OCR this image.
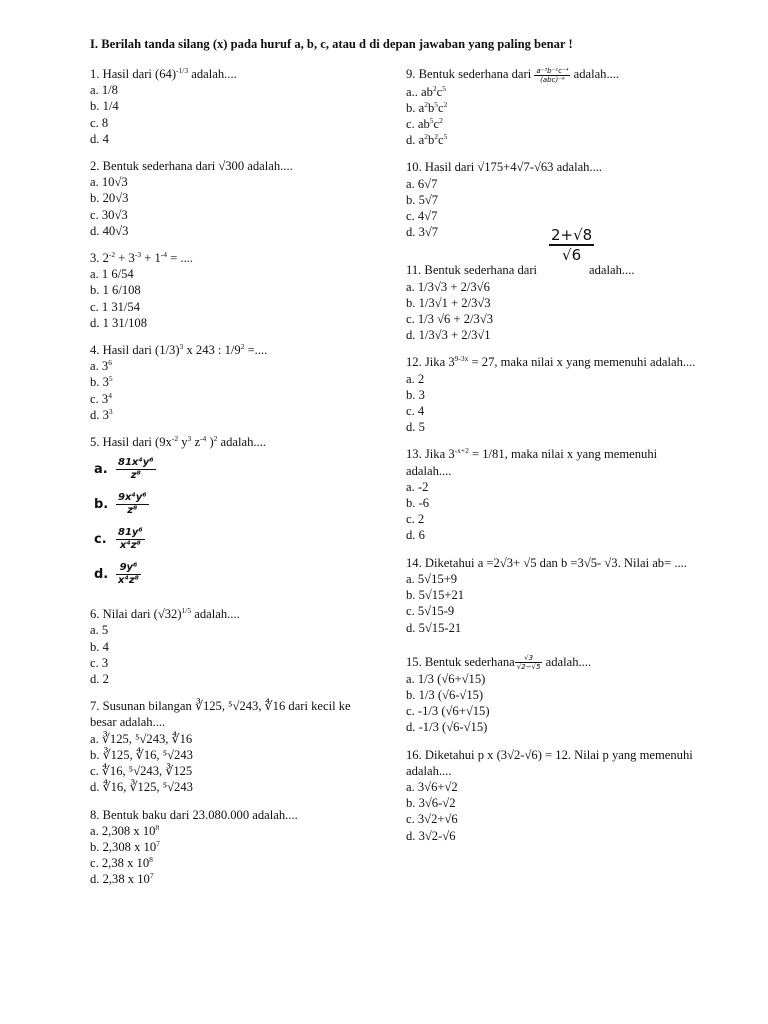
I. Berilah tanda silang (x) pada huruf a, b, c, atau d di depan jawaban yang paling benar !
1. Hasil dari $(64)^{-1/3}$ adalah....
a. 1/8
b. 1/4
c. 8
d. 4
2. Bentuk sederhana dari √300 adalah....
a. 10√3
b. 20√3
c. 30√3
d. 40√3
3. $2^{-2} + 3^{-3} + 1^{-4}$ = ....
a. 1 6/54
b. 1 6/108
c. 1 31/54
d. 1 31/108
4. Hasil dari $(1/3)^3$ x 243 : $1/9^2$ =....
a. $3^6$
b. $3^5$
c. $3^4$
d. $3^3$
5. Hasil dari ($9x^{-2}$ $y^3$ $z^{-4}$ )$^2$ adalah....
a. $\frac{\text{81x⁴y⁶}}{\text{z⁸}}$
b. $\frac{\text{9x⁴y⁶}}{\text{z⁸}}$
c. $\frac{\text{81y⁶}}{\text{x⁴z⁸}}$
d. $\frac{\text{9y⁶}}{\text{x⁴z⁸}}$
6. Nilai dari $(√32)^{1/5}$ adalah....
a. 5
b. 4
c. 3
d. 2
7. Susunan bilangan ∛125, ⁵√243, ∜16 dari kecil ke besar adalah....
a. ∛125, ⁵√243, ∜16
b. ∛125, ∜16, ⁵√243
c. ∜16, ⁵√243, ∛125
d. ∜16, ∛125, ⁵√243
8. Bentuk baku dari 23.080.000 adalah....
a. 2,308 x $10^8$
b. 2,308 x $10^7$
c. 2,38 x $10^8$
d. 2,38 x $10^7$
9. Bentuk sederhana dari $\frac{\text{a⁻³b⁻¹c⁻⁴}}{\text{(abc)⁻⁶}}$ adalah....
a.. $ab^2c^5$
b. $a^2b^5c^2$
c. $ab^5c^2$
d. $a^2b^2c^5$
10. Hasil dari √175+4√7-√63 adalah....
a. 6√7
b. 5√7
c. 4√7
d. 3√7	2+√8
√6
11. Bentuk sederhana dari	adalah....
a. 1/3√3 + 2/3√6
b. 1/3√1 + 2/3√3
c. 1/3 √6 + 2/3√3
d. 1/3√3 + 2/3√1
12. Jika $3^{9-3x} = 27$, maka nilai x yang memenuhi adalah....
a. 2
b. 3
c. 4
d. 5
13. Jika $3^{-x+2} = 1/81$, maka nilai x yang memenuhi adalah....
a. -2
b. -6
c. 2
d. 6
14. Diketahui a =2√3+ √5 dan b =3√5- √3. Nilai ab= ....
a. 5√15+9
b. 5√15+21
c. 5√15-9
d. 5√15-21
15. Bentuk sederhana $\frac{√3}{√2-√5}$ adalah....
a. 1/3 (√6+√15)
b. 1/3 (√6-√15)
c. -1/3 (√6+√15)
d. -1/3 (√6-√15)
16. Diketahui p x (3√2-√6) = 12. Nilai p yang memenuhi adalah....
a. 3√6+√2
b. 3√6-√2
c. 3√2+√6
d. 3√2-√6
